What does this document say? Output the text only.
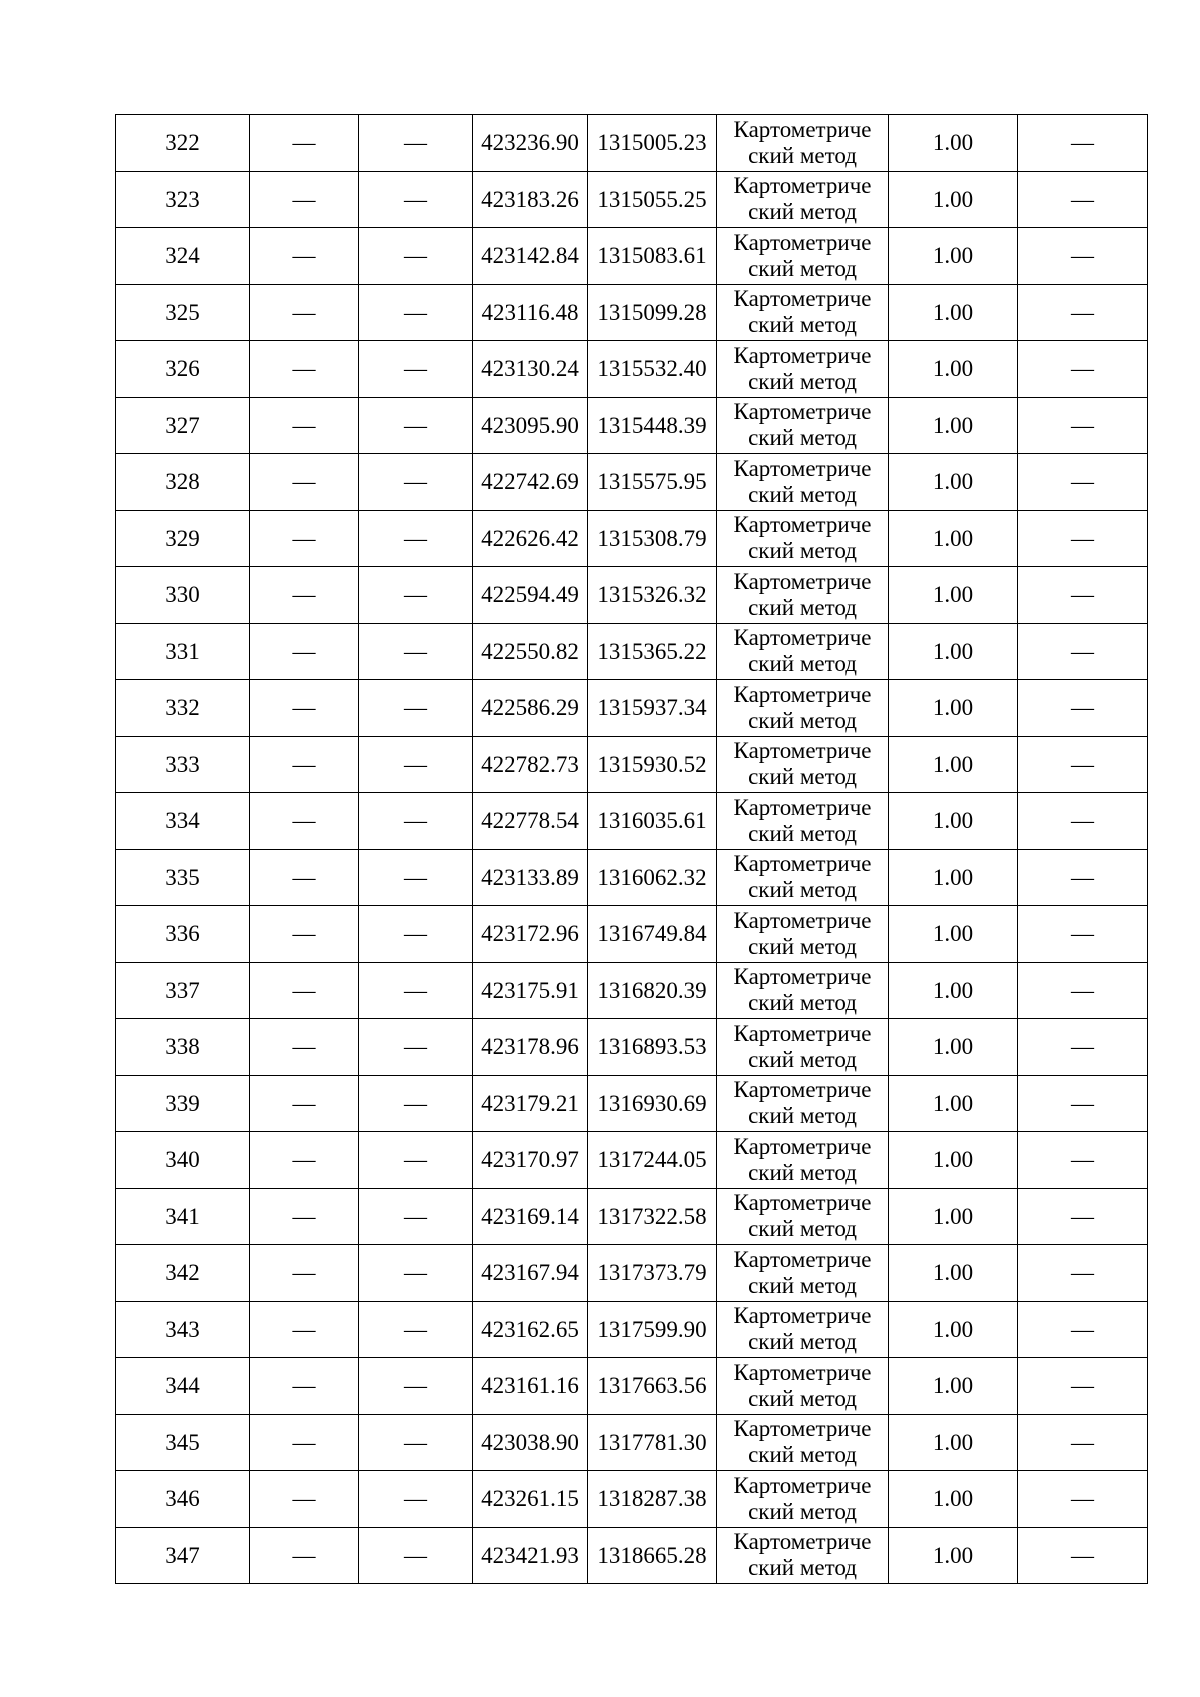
322	—	—	423236.90	1315005.23	Картометриче
ский метод	1.00	—
323	—	—	423183.26	1315055.25	Картометриче
ский метод	1.00	—
324	—	—	423142.84	1315083.61	Картометриче
ский метод	1.00	—
325	—	—	423116.48	1315099.28	Картометриче
ский метод	1.00	—
326	—	—	423130.24	1315532.40	Картометриче
ский метод	1.00	—
327	—	—	423095.90	1315448.39	Картометриче
ский метод	1.00	—
328	—	—	422742.69	1315575.95	Картометриче
ский метод	1.00	—
329	—	—	422626.42	1315308.79	Картометриче
ский метод	1.00	—
330	—	—	422594.49	1315326.32	Картометриче
ский метод	1.00	—
331	—	—	422550.82	1315365.22	Картометриче
ский метод	1.00	—
332	—	—	422586.29	1315937.34	Картометриче
ский метод	1.00	—
333	—	—	422782.73	1315930.52	Картометриче
ский метод	1.00	—
334	—	—	422778.54	1316035.61	Картометриче
ский метод	1.00	—
335	—	—	423133.89	1316062.32	Картометриче
ский метод	1.00	—
336	—	—	423172.96	1316749.84	Картометриче
ский метод	1.00	—
337	—	—	423175.91	1316820.39	Картометриче
ский метод	1.00	—
338	—	—	423178.96	1316893.53	Картометриче
ский метод	1.00	—
339	—	—	423179.21	1316930.69	Картометриче
ский метод	1.00	—
340	—	—	423170.97	1317244.05	Картометриче
ский метод	1.00	—
341	—	—	423169.14	1317322.58	Картометриче
ский метод	1.00	—
342	—	—	423167.94	1317373.79	Картометриче
ский метод	1.00	—
343	—	—	423162.65	1317599.90	Картометриче
ский метод	1.00	—
344	—	—	423161.16	1317663.56	Картометриче
ский метод	1.00	—
345	—	—	423038.90	1317781.30	Картометриче
ский метод	1.00	—
346	—	—	423261.15	1318287.38	Картометриче
ский метод	1.00	—
347	—	—	423421.93	1318665.28	Картометриче
ский метод	1.00	—
